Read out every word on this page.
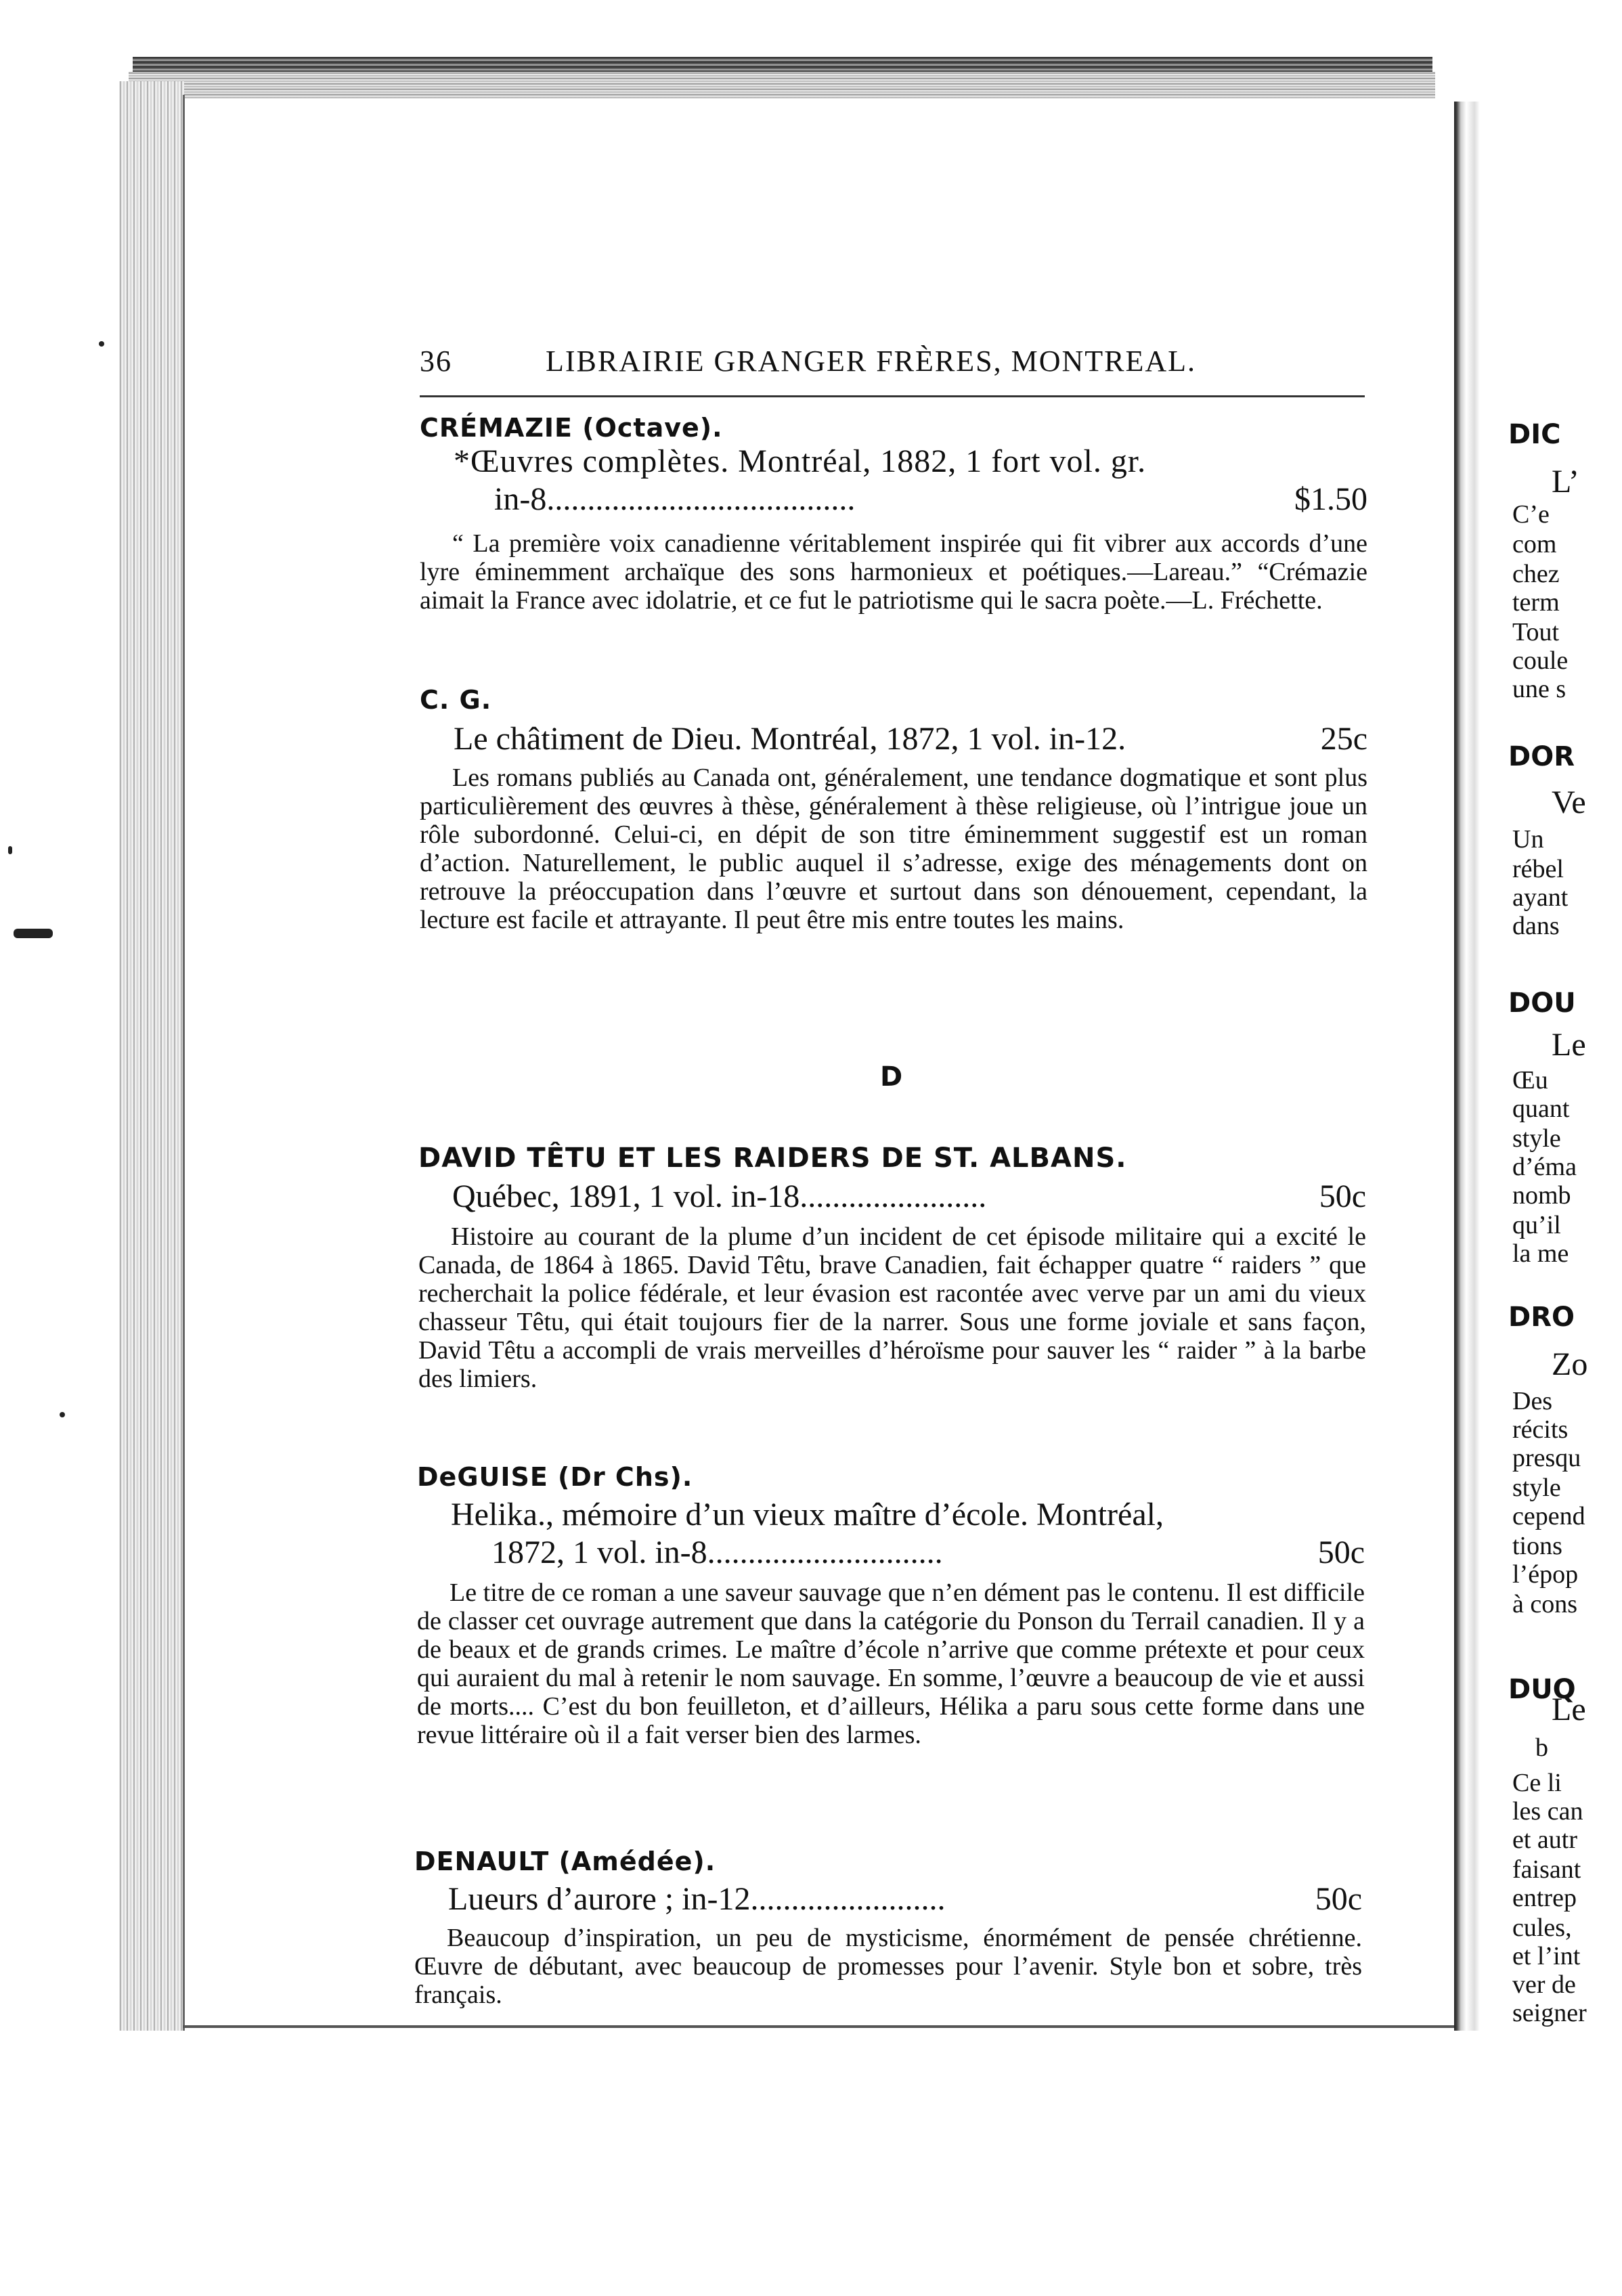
36	LIBRAIRIE GRANGER FRÈRES, MONTREAL.
CRÉMAZIE (Octave).
*Œuvres complètes. Montréal, 1882, 1 fort vol. gr.
in-8......................................	$1.50
“ La première voix canadienne véritablement inspirée qui fit vibrer aux accords d’une lyre éminemment archaïque des sons harmonieux et poétiques.—Lareau.” “Crémazie aimait la France avec idolatrie, et ce fut le patriotisme qui le sacra poète.—L. Fréchette.
C. G.
Le châtiment de Dieu. Montréal, 1872, 1 vol. in-12.	25c
Les romans publiés au Canada ont, généralement, une tendance dogmatique et sont plus particulièrement des œuvres à thèse, généralement à thèse religieuse, où l’intrigue joue un rôle subordonné. Celui-ci, en dépit de son titre éminemment suggestif est un roman d’action. Naturellement, le public auquel il s’adresse, exige des ménagements dont on retrouve la préoccupation dans l’œuvre et surtout dans son dénouement, cependant, la lecture est facile et attrayante. Il peut être mis entre toutes les mains.
D
DAVID TÊTU ET LES RAIDERS DE ST. ALBANS.
Québec, 1891, 1 vol. in-18.......................	50c
Histoire au courant de la plume d’un incident de cet épisode militaire qui a excité le Canada, de 1864 à 1865. David Têtu, brave Canadien, fait échapper quatre “ raiders ” que recherchait la police fédérale, et leur évasion est racontée avec verve par un ami du vieux chasseur Têtu, qui était toujours fier de la narrer. Sous une forme joviale et sans façon, David Têtu a accompli de vrais merveilles d’héroïsme pour sauver les “ raider ” à la barbe des limiers.
DeGUISE (Dr Chs).
Helika., mémoire d’un vieux maître d’école. Montréal,
1872, 1 vol. in-8.............................	50c
Le titre de ce roman a une saveur sauvage que n’en dément pas le contenu. Il est difficile de classer cet ouvrage autrement que dans la catégorie du Ponson du Terrail canadien. Il y a de beaux et de grands crimes. Le maître d’école n’arrive que comme prétexte et pour ceux qui auraient du mal à retenir le nom sauvage. En somme, l’œuvre a beaucoup de vie et aussi de morts.... C’est du bon feuilleton, et d’ailleurs, Hélika a paru sous cette forme dans une revue littéraire où il a fait verser bien des larmes.
DENAULT (Amédée).
Lueurs d’aurore ; in-12........................	50c
Beaucoup d’inspiration, un peu de mysticisme, énormément de pensée chrétienne. Œuvre de débutant, avec beaucoup de promesses pour l’avenir. Style bon et sobre, très français.
DIC
L’
C’e
com
chez
term
Tout
coule
une s
DOR
Ve
Un
rébel
ayant
dans
DOU
Le
Œu
quant
style
d’éma
nomb
qu’il
la me
DRO
Zo
Des
récits
presqu
style
cepend
tions
l’épop
à cons
DUQ
Le
b
Ce li
les can
et autr
faisant
entrep
cules,
et l’int
ver de
seigner
